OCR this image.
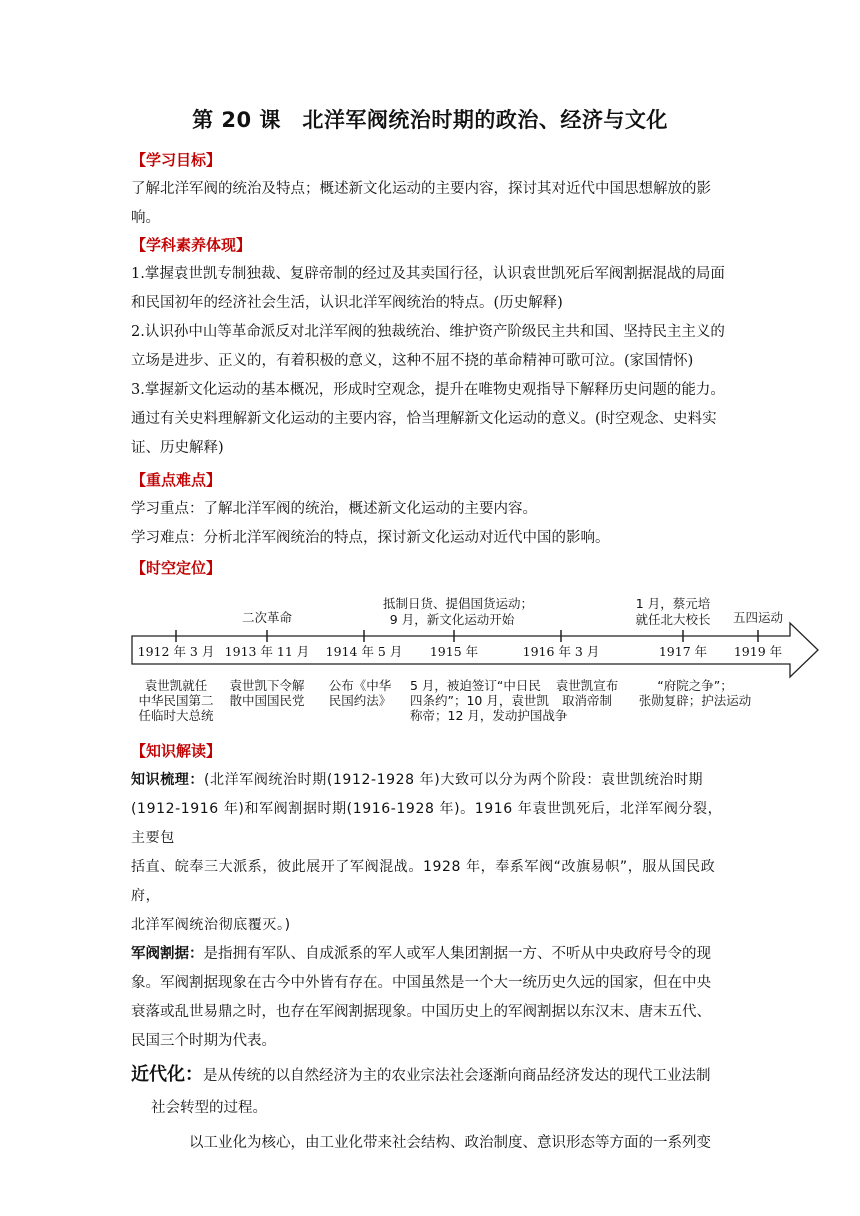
第 20 课　北洋军阀统治时期的政治、经济与文化

【学习目标】

了解北洋军阀的统治及特点；概述新文化运动的主要内容，探讨其对近代中国思想解放的影

响。

【学科素养体现】

1.掌握袁世凯专制独裁、复辟帝制的经过及其卖国行径，认识袁世凯死后军阀割据混战的局面

和民国初年的经济社会生活，认识北洋军阀统治的特点。(历史解释)

2.认识孙中山等革命派反对北洋军阀的独裁统治、维护资产阶级民主共和国、坚持民主主义的

立场是进步、正义的，有着积极的意义，这种不屈不挠的革命精神可歌可泣。(家国情怀)

3.掌握新文化运动的基本概况，形成时空观念，提升在唯物史观指导下解释历史问题的能力。

通过有关史料理解新文化运动的主要内容，恰当理解新文化运动的意义。(时空观念、史料实

证、历史解释)

【重点难点】

学习重点：了解北洋军阀的统治，概述新文化运动的主要内容。

学习难点：分析北洋军阀统治的特点，探讨新文化运动对近代中国的影响。

【时空定位】

1912 年 3 月 1913 年 11 月 1914 年 5 月 1915 年	1916 年 3 月	1917 年 1919 年
二次革命
抵制日货、提倡国货运动；
9 月，新文化运动开始
1 月，蔡元培
就任北大校长 五四运动
袁世凯就任
中华民国第二
任临时大总统
袁世凯下令解
散中国国民党
公布《中华
民国约法》
5 月，被迫签订“中日民
四条约”；10 月，袁世凯
称帝；12 月，发动护国战争
袁世凯宣布
取消帝制
“府院之争”；
张勋复辟；护法运动

【知识解读】

知识梳理：(北洋军阀统治时期(1912-1928 年)大致可以分为两个阶段：袁世凯统治时期

(1912-1916 年)和军阀割据时期(1916-1928 年)。1916 年袁世凯死后，北洋军阀分裂，主要包

括直、皖奉三大派系，彼此展开了军阀混战。1928 年，奉系军阀“改旗易帜”，服从国民政府，

北洋军阀统治彻底覆灭。)

军阀割据：是指拥有军队、自成派系的军人或军人集团割据一方、不听从中央政府号令的现

象。军阀割据现象在古今中外皆有存在。中国虽然是一个大一统历史久远的国家，但在中央

衰落或乱世易鼎之时，也存在军阀割据现象。中国历史上的军阀割据以东汉末、唐末五代、

民国三个时期为代表。

近代化：是从传统的以自然经济为主的农业宗法社会逐渐向商品经济发达的现代工业法制

社会转型的过程。

以工业化为核心，由工业化带来社会结构、政治制度、意识形态等方面的一系列变
